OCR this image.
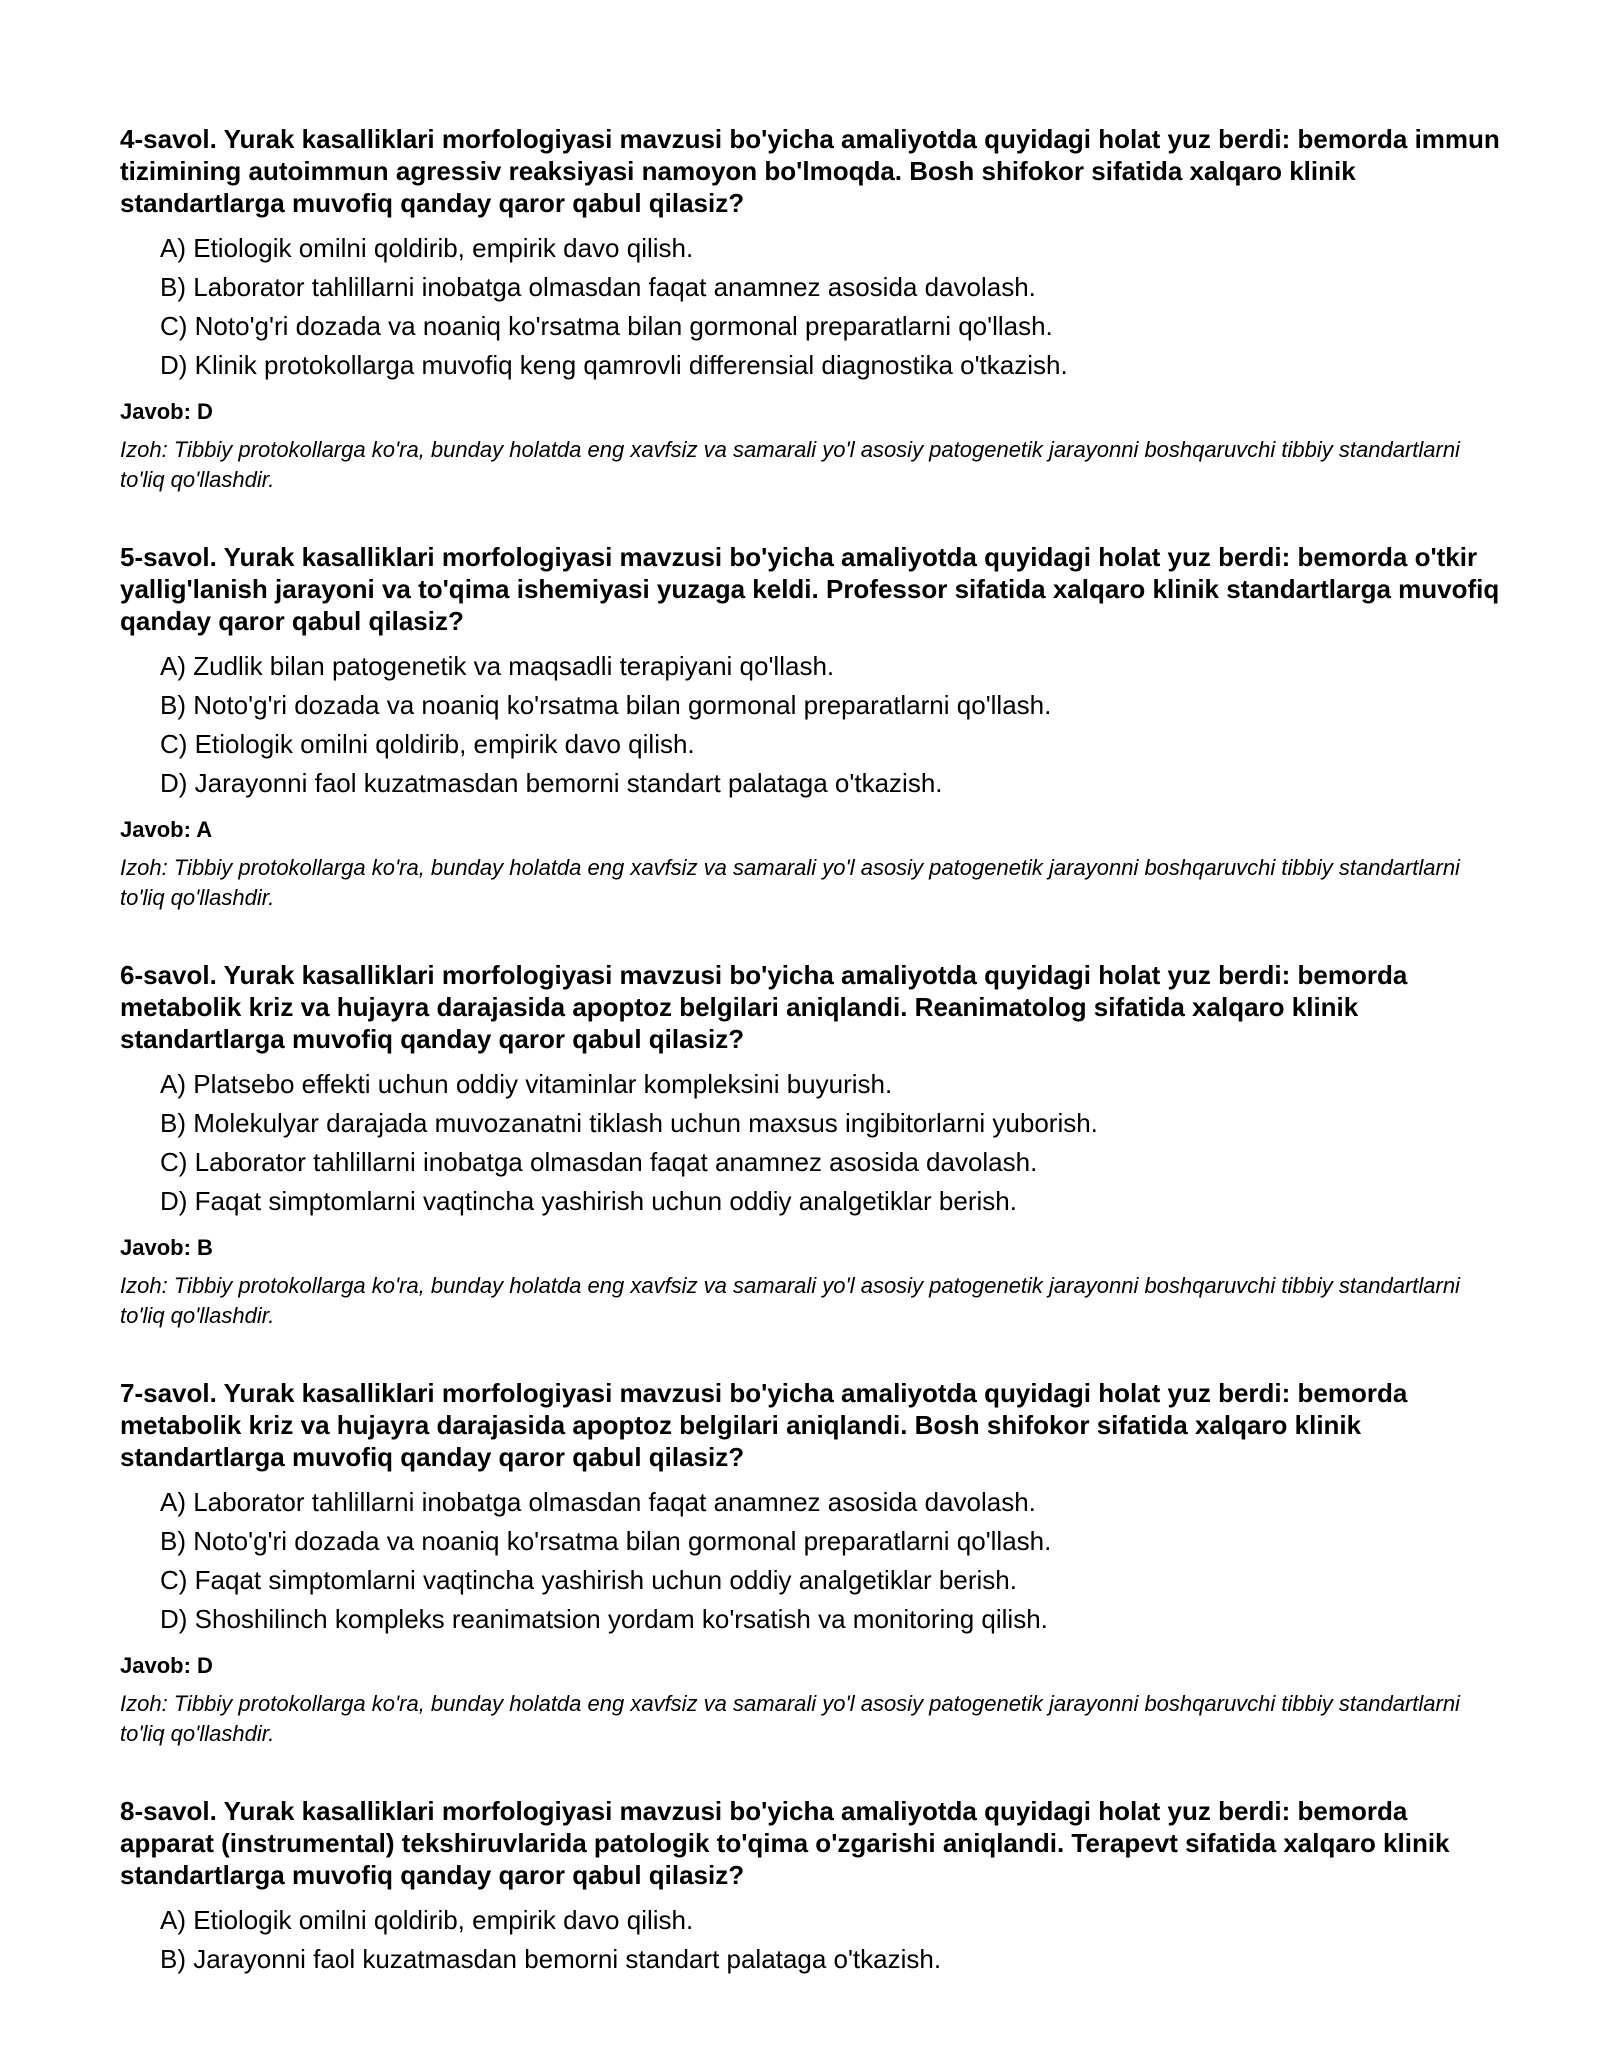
4-savol. Yurak kasalliklari morfologiyasi mavzusi bo'yicha amaliyotda quyidagi holat yuz berdi: bemorda immun tizimining autoimmun agressiv reaksiyasi namoyon bo'lmoqda. Bosh shifokor sifatida xalqaro klinik standartlarga muvofiq qanday qaror qabul qilasiz?
A) Etiologik omilni qoldirib, empirik davo qilish.
B) Laborator tahlillarni inobatga olmasdan faqat anamnez asosida davolash.
C) Noto'g'ri dozada va noaniq ko'rsatma bilan gormonal preparatlarni qo'llash.
D) Klinik protokollarga muvofiq keng qamrovli differensial diagnostika o'tkazish.
Javob: D
Izoh: Tibbiy protokollarga ko'ra, bunday holatda eng xavfsiz va samarali yo'l asosiy patogenetik jarayonni boshqaruvchi tibbiy standartlarni to'liq qo'llashdir.
5-savol. Yurak kasalliklari morfologiyasi mavzusi bo'yicha amaliyotda quyidagi holat yuz berdi: bemorda o'tkir yallig'lanish jarayoni va to'qima ishemiyasi yuzaga keldi. Professor sifatida xalqaro klinik standartlarga muvofiq qanday qaror qabul qilasiz?
A) Zudlik bilan patogenetik va maqsadli terapiyani qo'llash.
B) Noto'g'ri dozada va noaniq ko'rsatma bilan gormonal preparatlarni qo'llash.
C) Etiologik omilni qoldirib, empirik davo qilish.
D) Jarayonni faol kuzatmasdan bemorni standart palataga o'tkazish.
Javob: A
Izoh: Tibbiy protokollarga ko'ra, bunday holatda eng xavfsiz va samarali yo'l asosiy patogenetik jarayonni boshqaruvchi tibbiy standartlarni to'liq qo'llashdir.
6-savol. Yurak kasalliklari morfologiyasi mavzusi bo'yicha amaliyotda quyidagi holat yuz berdi: bemorda metabolik kriz va hujayra darajasida apoptoz belgilari aniqlandi. Reanimatolog sifatida xalqaro klinik standartlarga muvofiq qanday qaror qabul qilasiz?
A) Platsebo effekti uchun oddiy vitaminlar kompleksini buyurish.
B) Molekulyar darajada muvozanatni tiklash uchun maxsus ingibitorlarni yuborish.
C) Laborator tahlillarni inobatga olmasdan faqat anamnez asosida davolash.
D) Faqat simptomlarni vaqtincha yashirish uchun oddiy analgetiklar berish.
Javob: B
Izoh: Tibbiy protokollarga ko'ra, bunday holatda eng xavfsiz va samarali yo'l asosiy patogenetik jarayonni boshqaruvchi tibbiy standartlarni to'liq qo'llashdir.
7-savol. Yurak kasalliklari morfologiyasi mavzusi bo'yicha amaliyotda quyidagi holat yuz berdi: bemorda metabolik kriz va hujayra darajasida apoptoz belgilari aniqlandi. Bosh shifokor sifatida xalqaro klinik standartlarga muvofiq qanday qaror qabul qilasiz?
A) Laborator tahlillarni inobatga olmasdan faqat anamnez asosida davolash.
B) Noto'g'ri dozada va noaniq ko'rsatma bilan gormonal preparatlarni qo'llash.
C) Faqat simptomlarni vaqtincha yashirish uchun oddiy analgetiklar berish.
D) Shoshilinch kompleks reanimatsion yordam ko'rsatish va monitoring qilish.
Javob: D
Izoh: Tibbiy protokollarga ko'ra, bunday holatda eng xavfsiz va samarali yo'l asosiy patogenetik jarayonni boshqaruvchi tibbiy standartlarni to'liq qo'llashdir.
8-savol. Yurak kasalliklari morfologiyasi mavzusi bo'yicha amaliyotda quyidagi holat yuz berdi: bemorda apparat (instrumental) tekshiruvlarida patologik to'qima o'zgarishi aniqlandi. Terapevt sifatida xalqaro klinik standartlarga muvofiq qanday qaror qabul qilasiz?
A) Etiologik omilni qoldirib, empirik davo qilish.
B) Jarayonni faol kuzatmasdan bemorni standart palataga o'tkazish.
